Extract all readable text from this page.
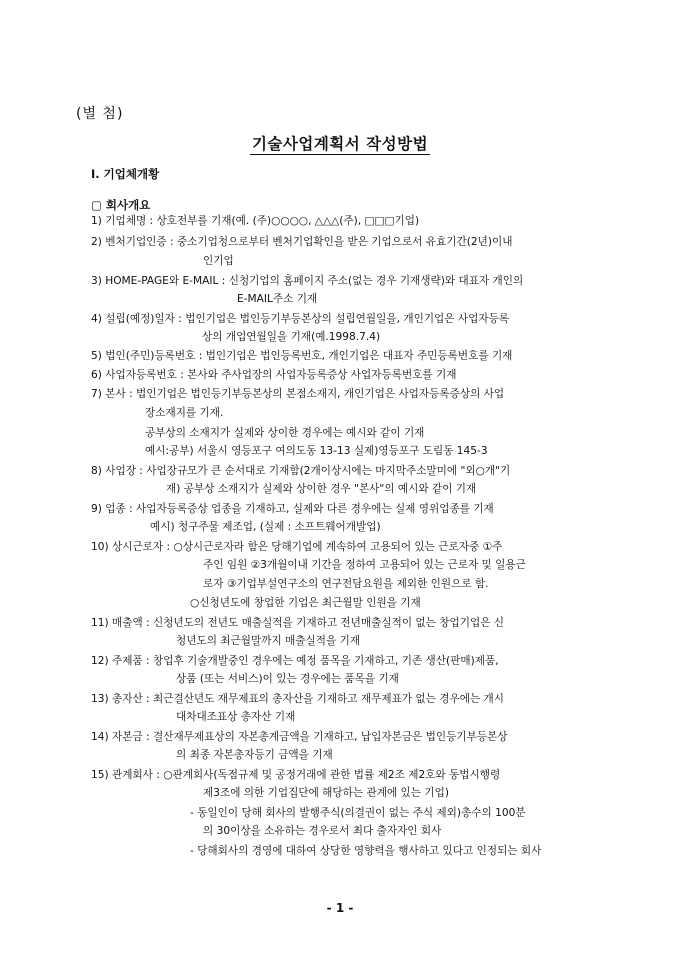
(별 첨)
기술사업계획서 작성방법
Ⅰ. 기업체개황
▢ 회사개요
1) 기업체명 : 상호전부를 기재(예. (주)○○○○, △△△(주), □□□기업)
2) 벤처기업인증 : 중소기업청으로부터 벤처기업확인을 받은 기업으로서 유효기간(2년)이내
인기업
3) HOME-PAGE와 E-MAIL : 신청기업의 홈페이지 주소(없는 경우 기재생략)와 대표자 개인의
E-MAIL주소 기재
4) 설립(예정)일자 : 법인기업은 법인등기부등본상의 설립연월일을, 개인기업은 사업자등록
상의 개업연월일을 기재(예.1998.7.4)
5) 법인(주민)등록번호 : 법인기업은 법인등록번호, 개인기업은 대표자 주민등록번호를 기재
6) 사업자등록번호 : 본사와 주사업장의 사업자등록증상 사업자등록번호를 기재
7) 본사 : 법인기업은 법인등기부등본상의 본점소재지, 개인기업은 사업자등록증상의 사업
장소재지를 기재.
공부상의 소재지가 실제와 상이한 경우에는 예시와 같이 기재
예시:공부) 서울시 영등포구 여의도동 13-13 실제)영등포구 도림동 145-3
8) 사업장 : 사업장규모가 큰 순서대로 기재함(2개이상시에는 마지막주소말미에 "외○개"기
재) 공부상 소재지가 실제와 상이한 경우 "본사"의 예시와 같이 기재
9) 업종 : 사업자등록증상 업종을 기재하고, 실제와 다른 경우에는 실제 영위업종를 기재
예시) 청구주물 제조업, (실제 : 소프트웨어개발업)
10) 상시근로자 : ○상시근로자라 함은 당해기업에 계속하여 고용되어 있는 근로자중 ①주
주인 임원 ②3개월이내 기간을 정하여 고용되어 있는 근로자 및 일용근
로자 ③기업부설연구소의 연구전담요원을 제외한 인원으로 함.
○신청년도에 창업한 기업은 최근월말 인원을 기재
11) 매출액 : 신청년도의 전년도 매출실적을 기재하고 전년매출실적이 없는 창업기업은 신
청년도의 최근월말까지 매출실적을 기재
12) 주제품 : 창업후 기술개발중인 경우에는 예정 품목을 기재하고, 기존 생산(판매)제품,
상품 (또는 서비스)이 있는 경우에는 품목을 기재
13) 총자산 : 최근결산년도 재무제표의 총자산을 기재하고 재무제표가 없는 경우에는 개시
대차대조표상 총자산 기재
14) 자본금 : 결산재무제표상의 자본총계금액을 기재하고, 납입자본금은 법인등기부등본상
의 최종 자본총자등기 금액을 기재
15) 관계회사 : ○관계회사(독점규제 및 공정거래에 관한 법률 제2조 제2호와 동법시행령
제3조에 의한 기업집단에 해당하는 관계에 있는 기업)
- 동일인이 당해 회사의 발행주식(의결권이 없는 주식 제외)총수의 100분
의 30이상을 소유하는 경우로서 최다 출자자인 회사
- 당해회사의 경영에 대하여 상당한 영향력을 행사하고 있다고 인정되는 회사
- 1 -
